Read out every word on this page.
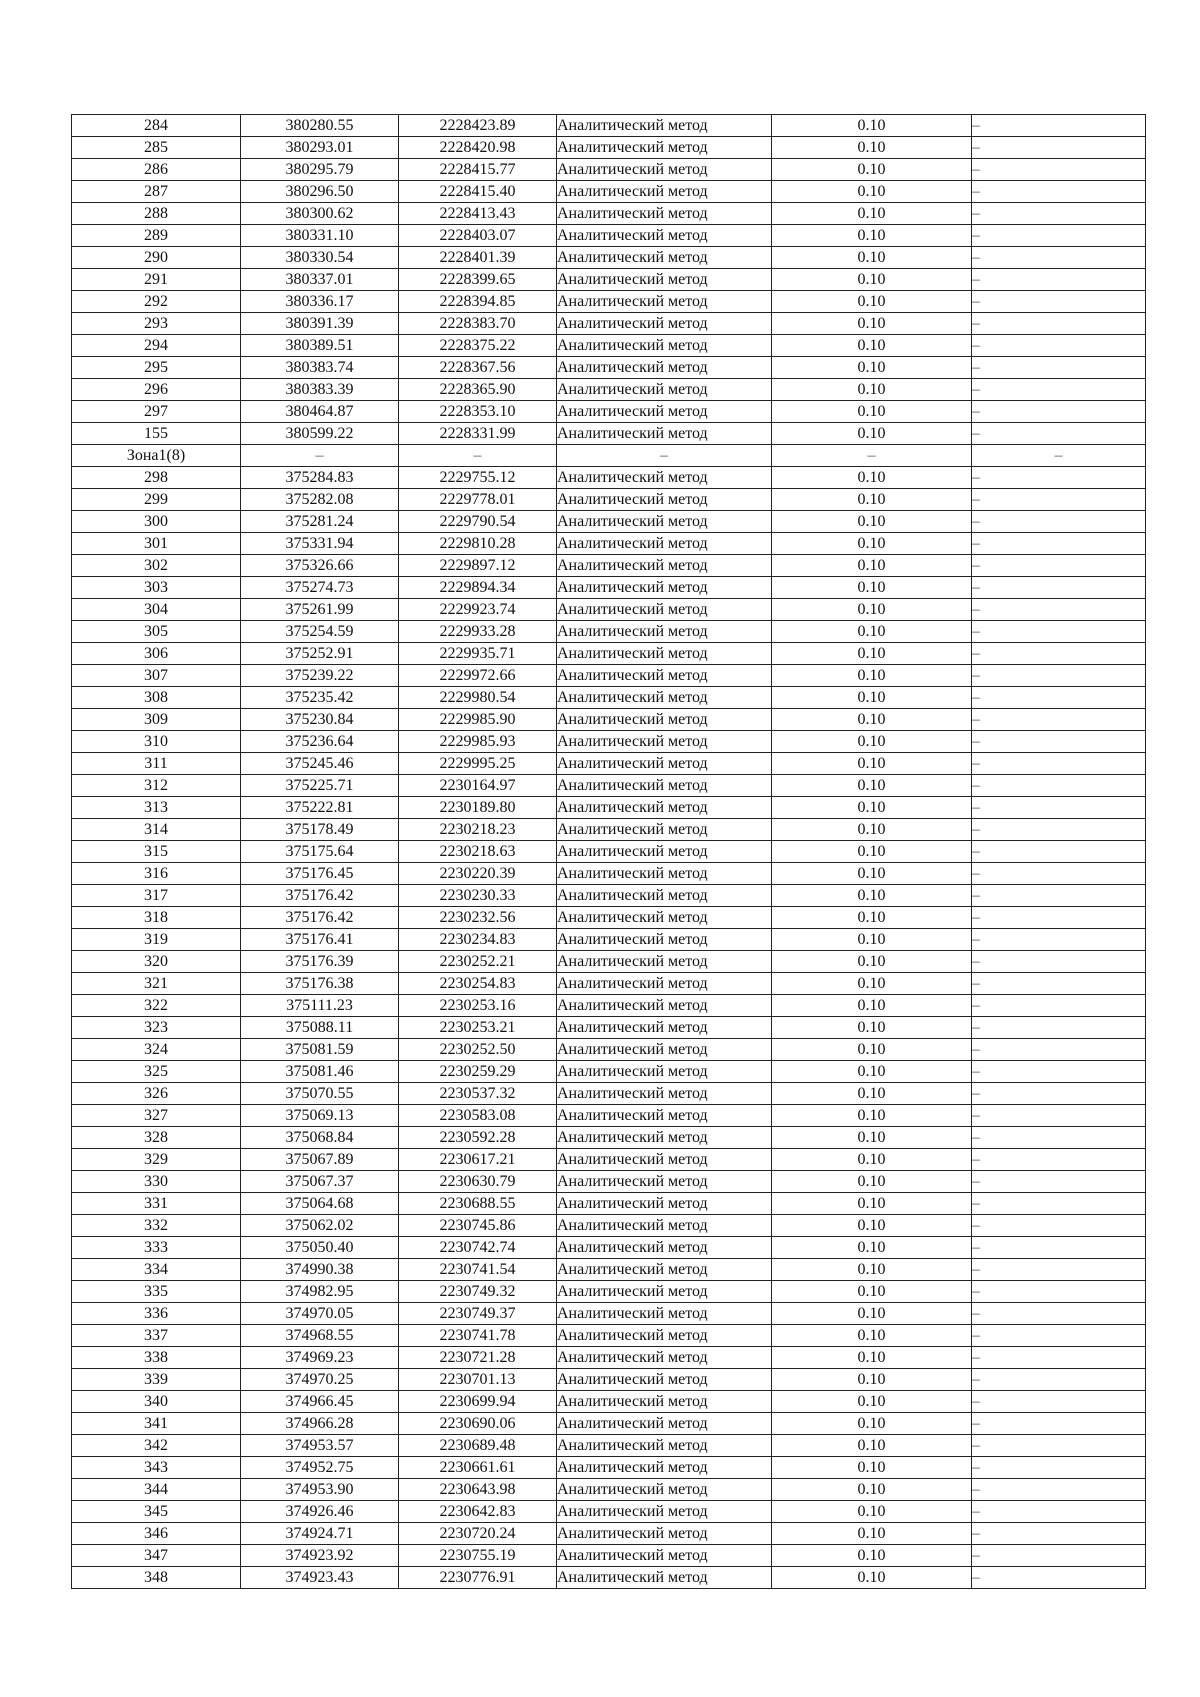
284	380280.55	2228423.89	Аналитический метод	0.10	–
285	380293.01	2228420.98	Аналитический метод	0.10	–
286	380295.79	2228415.77	Аналитический метод	0.10	–
287	380296.50	2228415.40	Аналитический метод	0.10	–
288	380300.62	2228413.43	Аналитический метод	0.10	–
289	380331.10	2228403.07	Аналитический метод	0.10	–
290	380330.54	2228401.39	Аналитический метод	0.10	–
291	380337.01	2228399.65	Аналитический метод	0.10	–
292	380336.17	2228394.85	Аналитический метод	0.10	–
293	380391.39	2228383.70	Аналитический метод	0.10	–
294	380389.51	2228375.22	Аналитический метод	0.10	–
295	380383.74	2228367.56	Аналитический метод	0.10	–
296	380383.39	2228365.90	Аналитический метод	0.10	–
297	380464.87	2228353.10	Аналитический метод	0.10	–
155	380599.22	2228331.99	Аналитический метод	0.10	–
Зона1(8)	–	–	–	–	–
298	375284.83	2229755.12	Аналитический метод	0.10	–
299	375282.08	2229778.01	Аналитический метод	0.10	–
300	375281.24	2229790.54	Аналитический метод	0.10	–
301	375331.94	2229810.28	Аналитический метод	0.10	–
302	375326.66	2229897.12	Аналитический метод	0.10	–
303	375274.73	2229894.34	Аналитический метод	0.10	–
304	375261.99	2229923.74	Аналитический метод	0.10	–
305	375254.59	2229933.28	Аналитический метод	0.10	–
306	375252.91	2229935.71	Аналитический метод	0.10	–
307	375239.22	2229972.66	Аналитический метод	0.10	–
308	375235.42	2229980.54	Аналитический метод	0.10	–
309	375230.84	2229985.90	Аналитический метод	0.10	–
310	375236.64	2229985.93	Аналитический метод	0.10	–
311	375245.46	2229995.25	Аналитический метод	0.10	–
312	375225.71	2230164.97	Аналитический метод	0.10	–
313	375222.81	2230189.80	Аналитический метод	0.10	–
314	375178.49	2230218.23	Аналитический метод	0.10	–
315	375175.64	2230218.63	Аналитический метод	0.10	–
316	375176.45	2230220.39	Аналитический метод	0.10	–
317	375176.42	2230230.33	Аналитический метод	0.10	–
318	375176.42	2230232.56	Аналитический метод	0.10	–
319	375176.41	2230234.83	Аналитический метод	0.10	–
320	375176.39	2230252.21	Аналитический метод	0.10	–
321	375176.38	2230254.83	Аналитический метод	0.10	–
322	375111.23	2230253.16	Аналитический метод	0.10	–
323	375088.11	2230253.21	Аналитический метод	0.10	–
324	375081.59	2230252.50	Аналитический метод	0.10	–
325	375081.46	2230259.29	Аналитический метод	0.10	–
326	375070.55	2230537.32	Аналитический метод	0.10	–
327	375069.13	2230583.08	Аналитический метод	0.10	–
328	375068.84	2230592.28	Аналитический метод	0.10	–
329	375067.89	2230617.21	Аналитический метод	0.10	–
330	375067.37	2230630.79	Аналитический метод	0.10	–
331	375064.68	2230688.55	Аналитический метод	0.10	–
332	375062.02	2230745.86	Аналитический метод	0.10	–
333	375050.40	2230742.74	Аналитический метод	0.10	–
334	374990.38	2230741.54	Аналитический метод	0.10	–
335	374982.95	2230749.32	Аналитический метод	0.10	–
336	374970.05	2230749.37	Аналитический метод	0.10	–
337	374968.55	2230741.78	Аналитический метод	0.10	–
338	374969.23	2230721.28	Аналитический метод	0.10	–
339	374970.25	2230701.13	Аналитический метод	0.10	–
340	374966.45	2230699.94	Аналитический метод	0.10	–
341	374966.28	2230690.06	Аналитический метод	0.10	–
342	374953.57	2230689.48	Аналитический метод	0.10	–
343	374952.75	2230661.61	Аналитический метод	0.10	–
344	374953.90	2230643.98	Аналитический метод	0.10	–
345	374926.46	2230642.83	Аналитический метод	0.10	–
346	374924.71	2230720.24	Аналитический метод	0.10	–
347	374923.92	2230755.19	Аналитический метод	0.10	–
348	374923.43	2230776.91	Аналитический метод	0.10	–
